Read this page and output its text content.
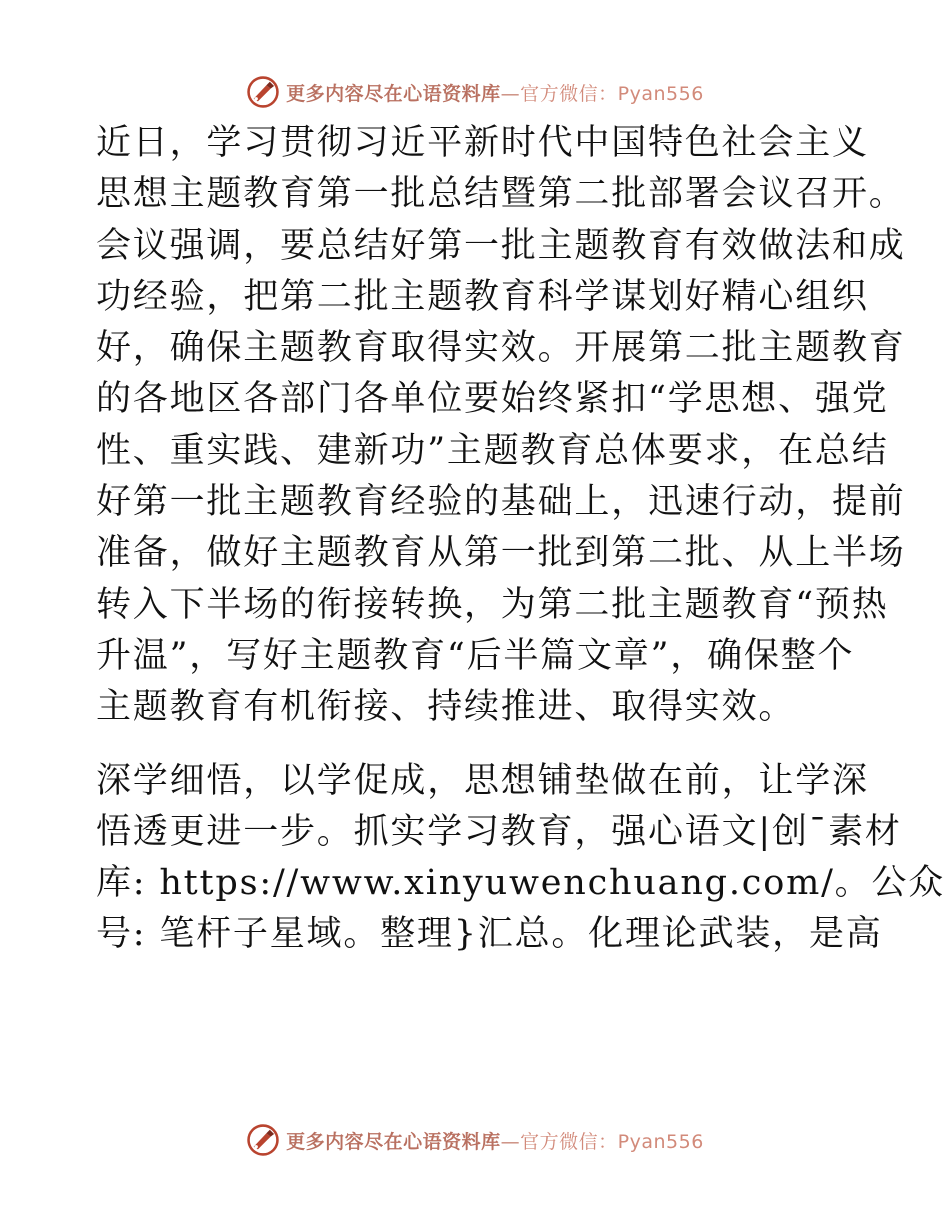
更多内容尽在心语资料库—官方微信：Pyan556
近日，学习贯彻习近平新时代中国特色社会主义
思想主题教育第一批总结暨第二批部署会议召开。
会议强调，要总结好第一批主题教育有效做法和成
功经验，把第二批主题教育科学谋划好精心组织
好，确保主题教育取得实效。开展第二批主题教育
的各地区各部门各单位要始终紧扣“学思想、强党
性、重实践、建新功”主题教育总体要求，在总结
好第一批主题教育经验的基础上，迅速行动，提前
准备，做好主题教育从第一批到第二批、从上半场
转入下半场的衔接转换，为第二批主题教育“预热
升温”，写好主题教育“后半篇文章”，确保整个
主题教育有机衔接、持续推进、取得实效。
深学细悟，以学促成，思想铺垫做在前，让学深
悟透更进一步。抓实学习教育，强心语文|创¯素材
库: https://www.xinyuwenchuang.com/。公众
号: 笔杆子星域。整理}汇总。化理论武装，是高
更多内容尽在心语资料库—官方微信：Pyan556
